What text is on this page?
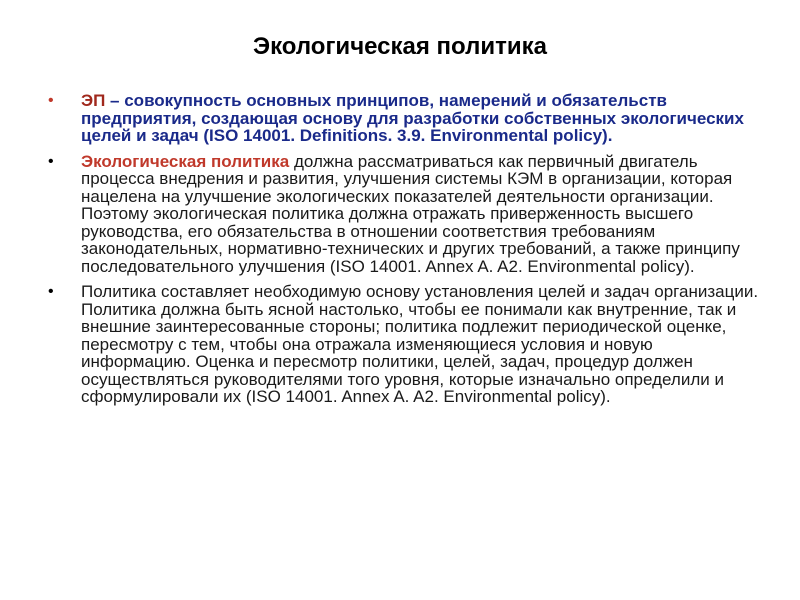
Экологическая политика
•	ЭП – совокупность основных принципов, намерений и обязательств предприятия, создающая основу для разработки собственных экологических целей и задач (ISO 14001. Definitions. 3.9. Environmental policy).
•	Экологическая политика должна рассматриваться как первичный двигатель процесса внедрения и развития, улучшения системы КЭМ в организации, которая нацелена на улучшение экологических показателей деятельности организации. Поэтому экологическая политика должна отражать приверженность высшего руководства, его обязательства в отношении соответствия требованиям законодательных, нормативно-технических и других требований, а также принципу последовательного улучшения (ISO 14001. Annex A. A2. Environmental policy).
•	Политика составляет необходимую основу установления целей и задач организации. Политика должна быть ясной настолько, чтобы ее понимали как внутренние, так и внешние заинтересованные стороны; политика подлежит периодической оценке, пересмотру с тем, чтобы она отражала изменяющиеся условия и новую информацию. Оценка и пересмотр политики, целей, задач, процедур должен осуществляться руководителями того уровня, которые изначально определили и сформулировали их (ISO 14001. Annex A. A2. Environmental policy).
